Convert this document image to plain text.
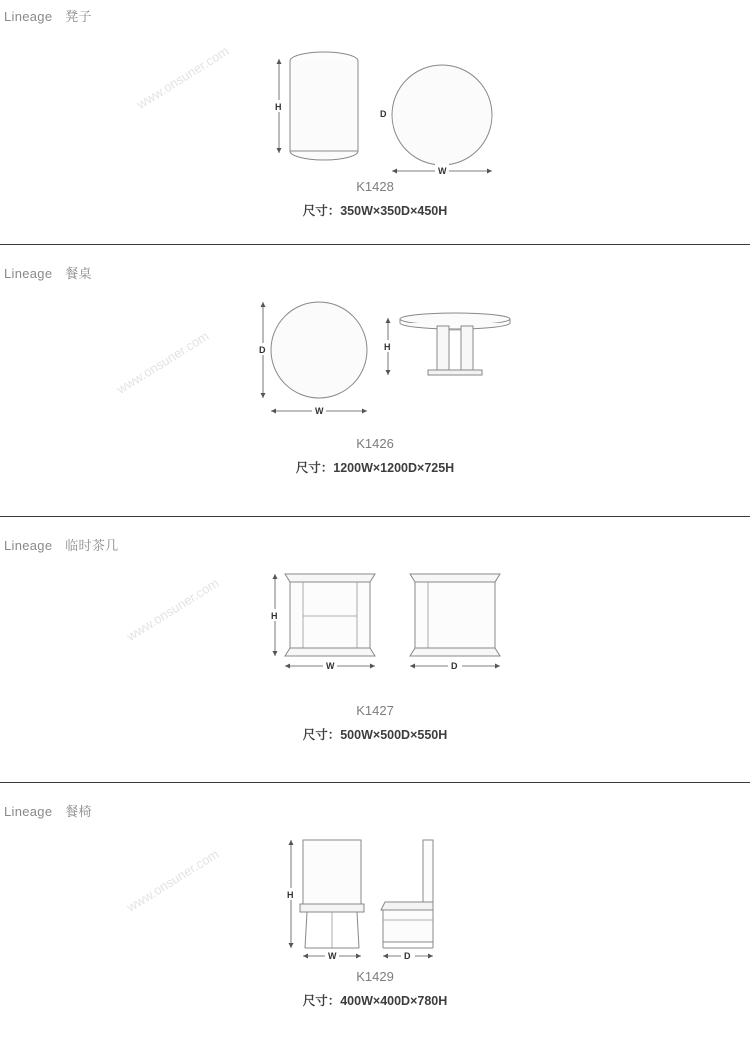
Lineage 凳子
www.onsuner.com	H
D
W
K1428
尺寸：350W×350D×450H
Lineage 餐桌
www.onsuner.com	D
W
H
K1426
尺寸：1200W×1200D×725H
Lineage 临时茶几
www.onsuner.com	H
W	D
K1427
尺寸：500W×500D×550H
Lineage 餐椅
www.onsuner.com	H
W	D
K1429
尺寸：400W×400D×780H
